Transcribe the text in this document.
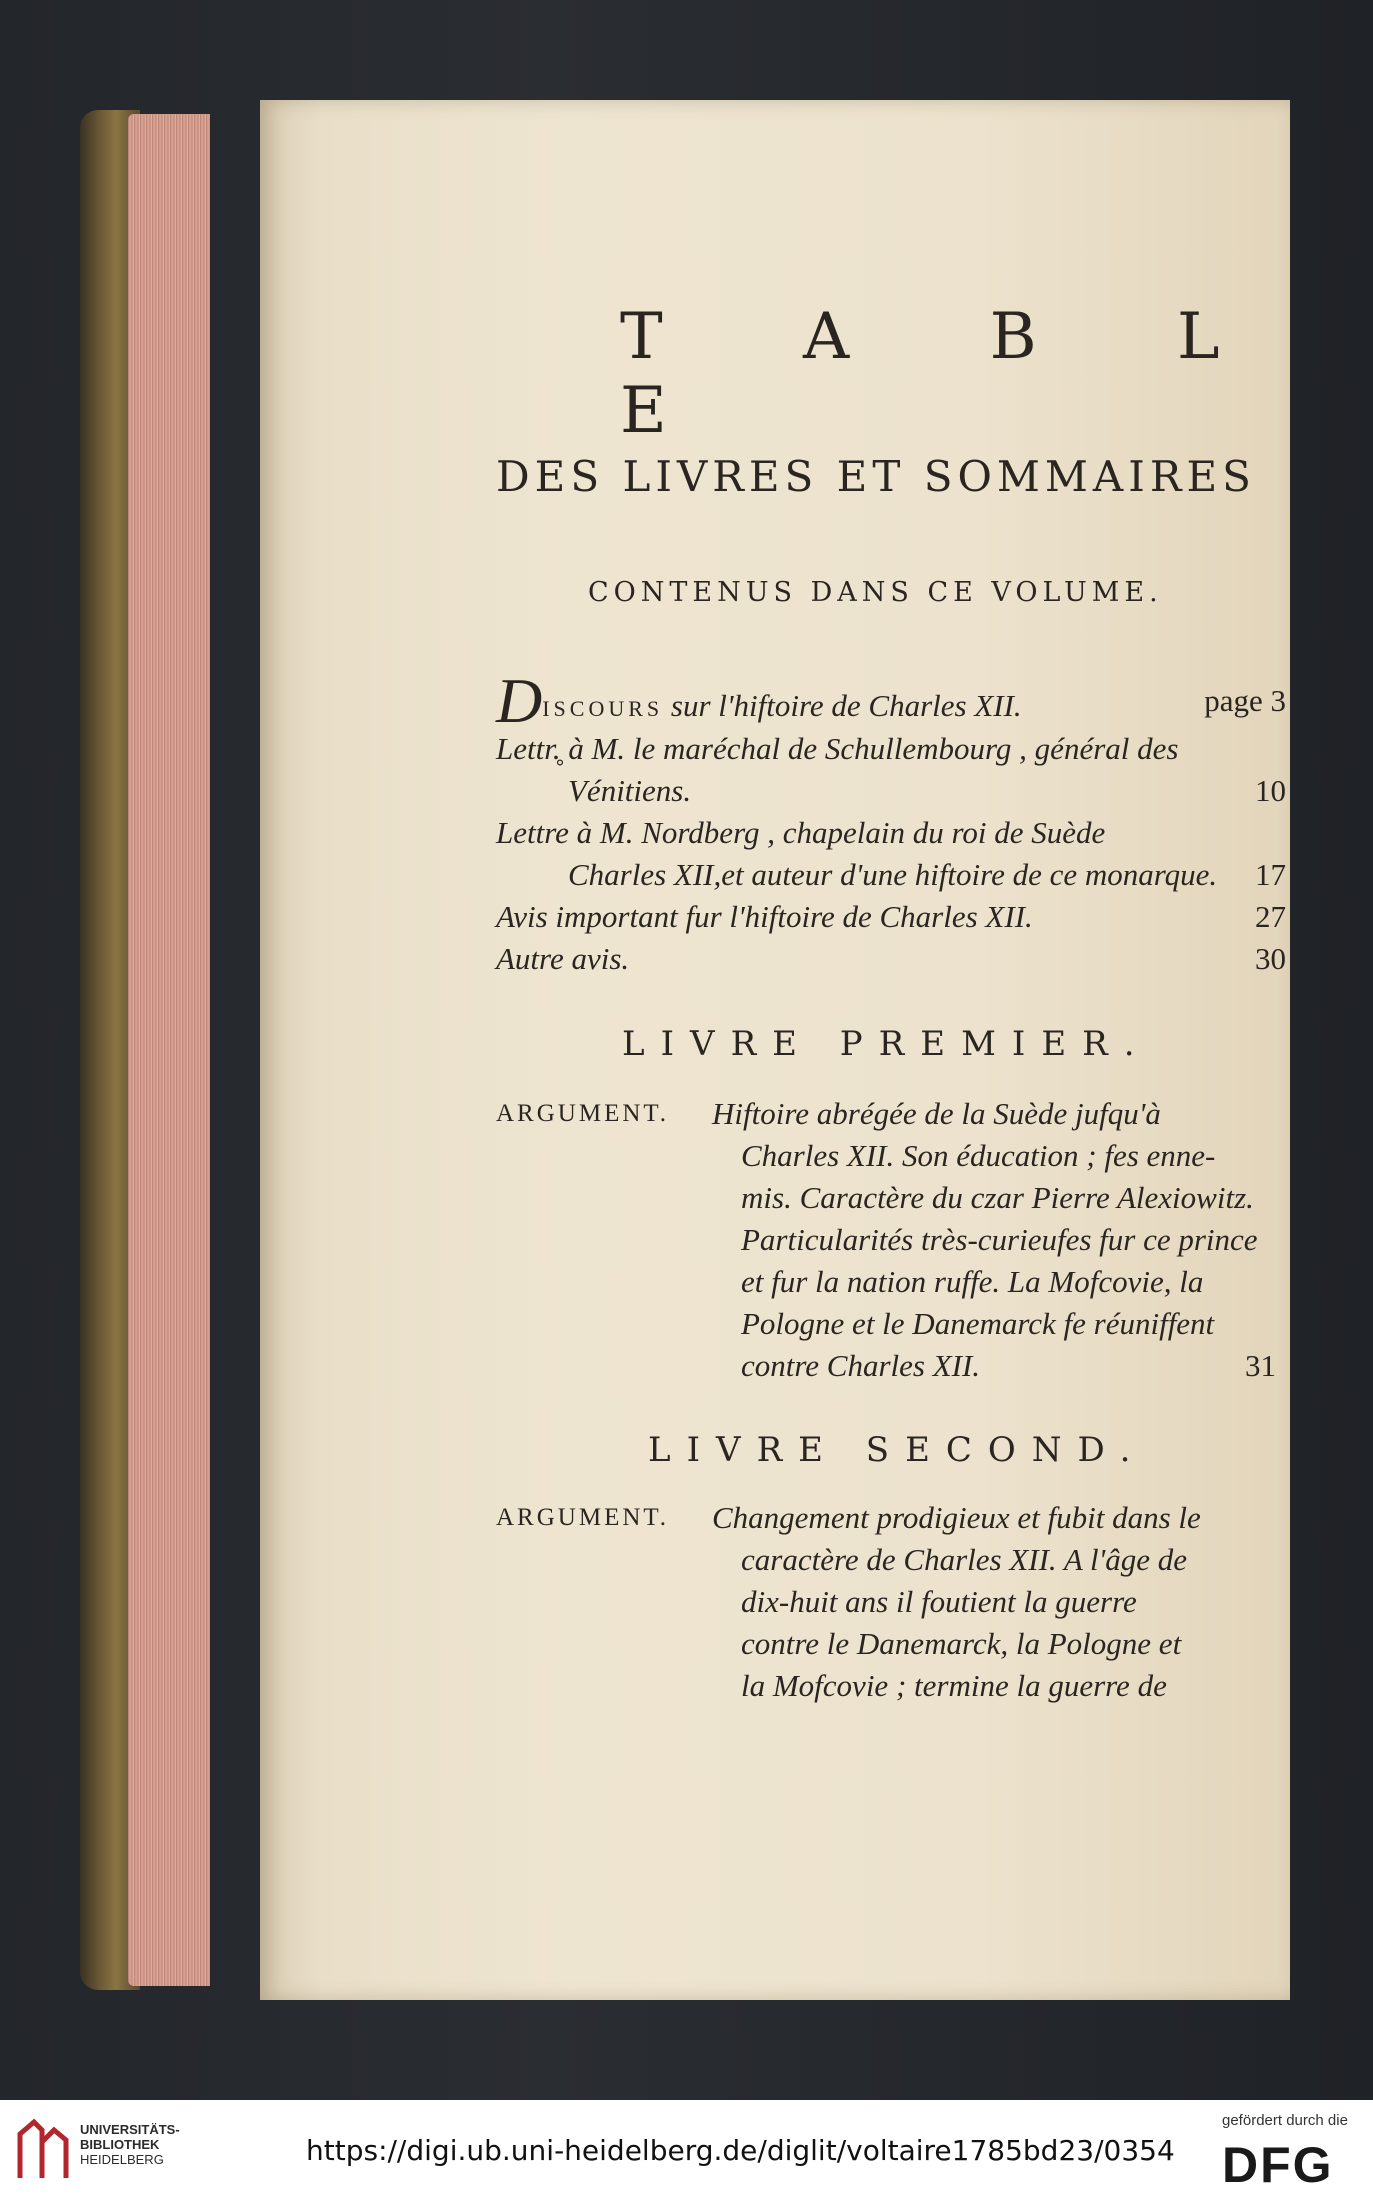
T A B L E
DES LIVRES ET SOMMAIRES
CONTENUS DANS CE VOLUME.
DISCOURS sur l'hiftoire de Charles XII.	page 3
Lettr.̥ à M. le maréchal de Schullembourg , général des
Vénitiens.	10
Lettre à M. Nordberg , chapelain du roi de Suède
Charles XII,et auteur d'une hiftoire de ce monarque. 17
Avis important fur l'hiftoire de Charles XII.	27
Autre avis.	30
LIVRE PREMIER.
ARGUMENT. Hiftoire abrégée de la Suède jufqu'à
Charles XII. Son éducation ; fes enne-
mis. Caractère du czar Pierre Alexiowitz.
Particularités très-curieufes fur ce prince
et fur la nation ruffe. La Mofcovie, la
Pologne et le Danemarck fe réuniffent
contre Charles XII.	31
LIVRE SECOND.
ARGUMENT. Changement prodigieux et fubit dans le
caractère de Charles XII. A l'âge de
dix-huit ans il foutient la guerre
contre le Danemarck, la Pologne et
la Mofcovie ; termine la guerre de
UNIVERSITÄTS-
BIBLIOTHEK
HEIDELBERG	https://digi.ub.uni-heidelberg.de/diglit/voltaire1785bd23/0354
gefördert durch die
DFG
